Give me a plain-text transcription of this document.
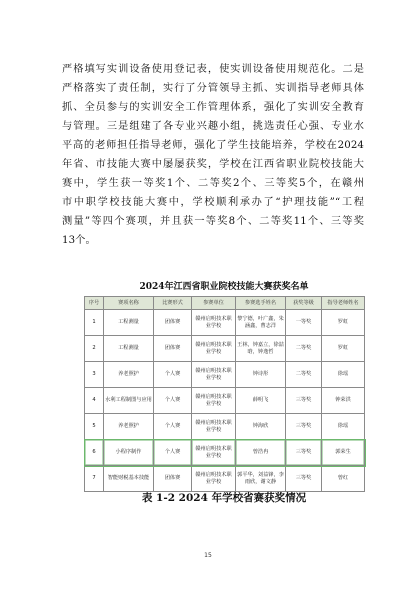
严格填写实训设备使用登记表，使实训设备使用规范化。二是
严格落实了责任制，实行了分管领导主抓、实训指导老师具体
抓、全员参与的实训安全工作管理体系，强化了实训安全教育
与管理。三是组建了各专业兴趣小组，挑选责任心强、专业水
平高的老师担任指导老师，强化了学生技能培养，学校在2024
年省、市技能大赛中屡屡获奖，学校在江西省职业院校技能大
赛中，学生获一等奖1个、二等奖2个、三等奖5个，在赣州
市中职学校技能大赛中，学校顺利承办了“护理技能”“工程
测量”等四个赛项，并且获一等奖8个、二等奖11个、三等奖
13个。
2024年江西省职业院校技能大赛获奖名单
序号	赛项名称	比赛形式	参赛单位	参赛选手姓名	获奖等级	指导老师姓名
1	工程测量	团体赛	赣州启明技术职业学校	黎宁德，叶广鑫，朱涵鑫，曹志洋	一等奖	罗虹
2	工程测量	团体赛	赣州启明技术职业学校	王林，钟嘉立，徐喆晗，钟逸哲	二等奖	罗虹
3	养老照护	个人赛	赣州启明技术职业学校	钟诗彤	二等奖	徐瑶
4	水利工程制图与应用	个人赛	赣州启明技术职业学校	薛明飞	三等奖	钟荣洪
5	养老照护	个人赛	赣州启明技术职业学校	钟海欣	三等奖	徐瑶
6	小程序制作	个人赛	赣州启明技术职业学校	曾浩冉	三等奖	郭荣生
7	智能财税基本技能	团体赛	赣州启明技术职业学校	郭平华，刘益锋，李雨欣，谢文静	三等奖	曾红
表 1-2 2024 年学校省赛获奖情况
15
